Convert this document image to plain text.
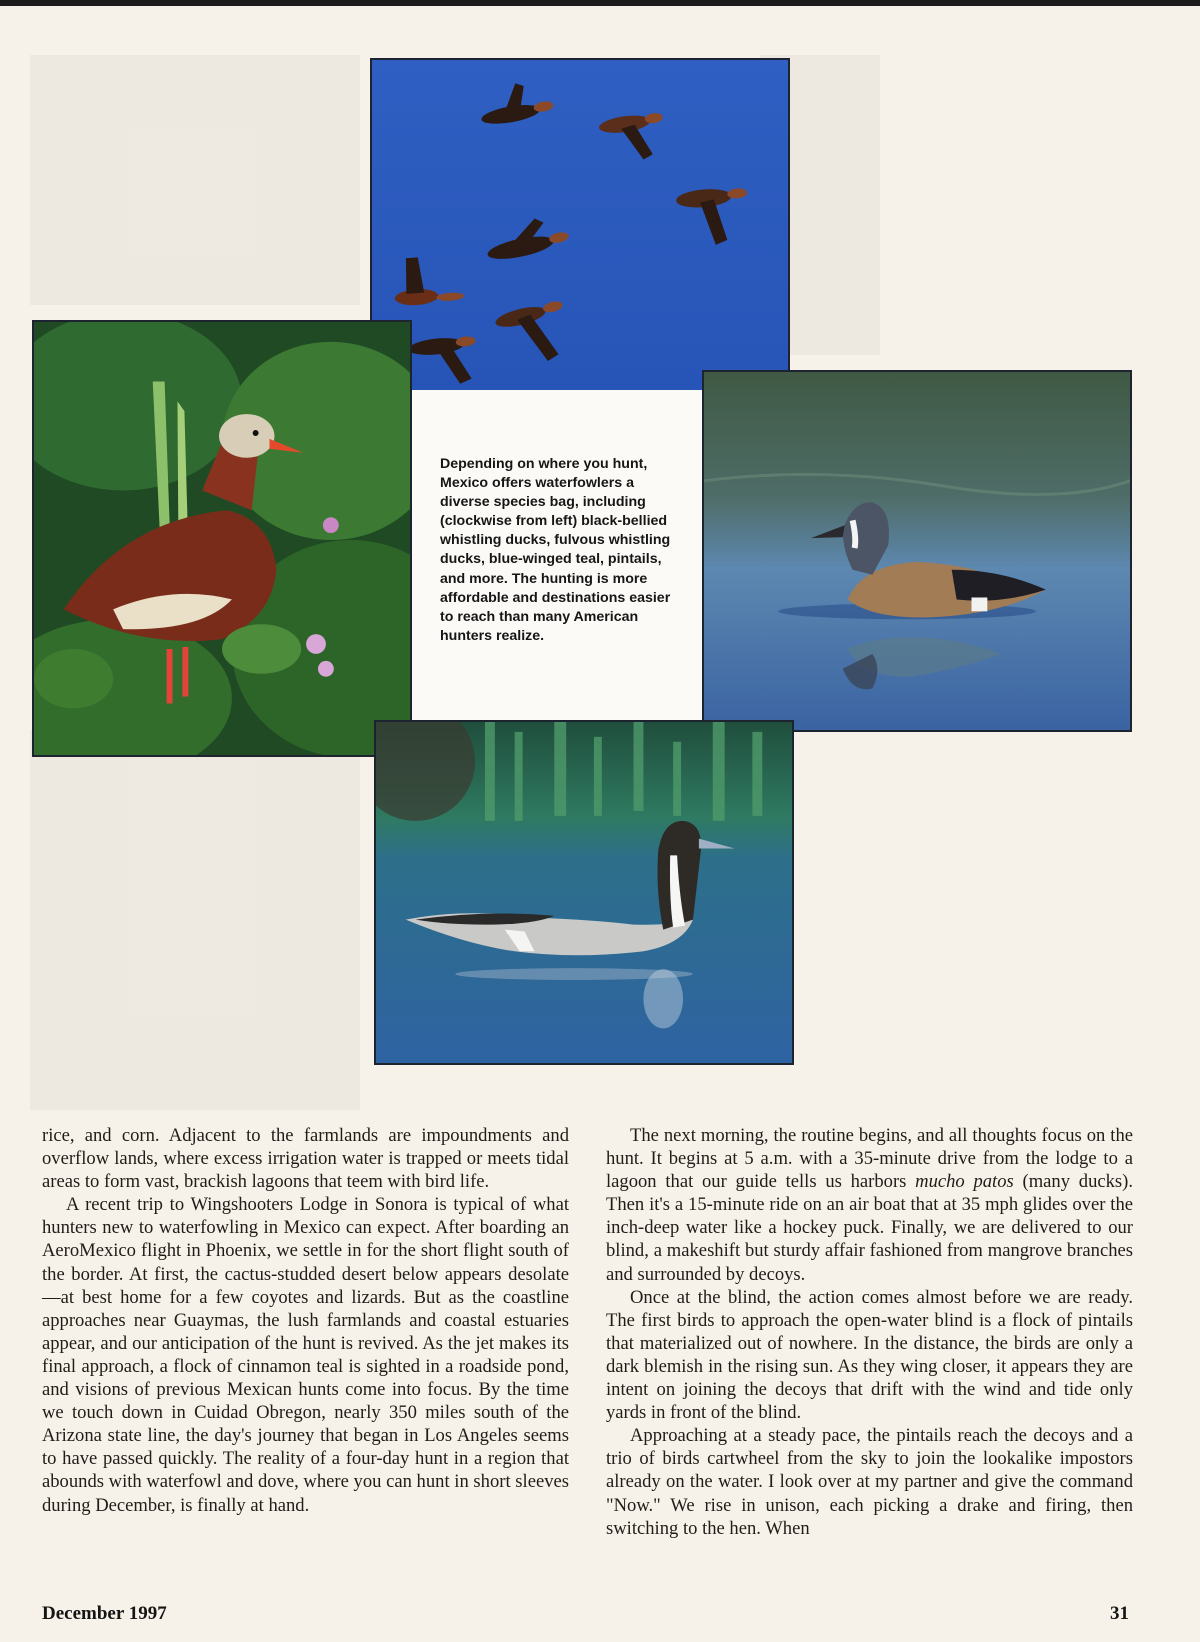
Depending on where you hunt, Mexico offers waterfowlers a diverse species bag, including (clockwise from left) black-bellied whistling ducks, fulvous whistling ducks, blue-winged teal, pintails, and more. The hunting is more affordable and destinations easier to reach than many American hunters realize.

rice, and corn. Adjacent to the farmlands are impoundments and overflow lands, where excess irrigation water is trapped or meets tidal areas to form vast, brackish lagoons that teem with bird life.

A recent trip to Wingshooters Lodge in Sonora is typical of what hunters new to waterfowling in Mexico can expect. After boarding an AeroMexico flight in Phoenix, we settle in for the short flight south of the border. At first, the cactus-studded desert below appears desolate—at best home for a few coyotes and lizards. But as the coastline approaches near Guaymas, the lush farmlands and coastal estuaries appear, and our anticipation of the hunt is revived. As the jet makes its final approach, a flock of cinnamon teal is sighted in a roadside pond, and visions of previous Mexican hunts come into focus. By the time we touch down in Cuidad Obregon, nearly 350 miles south of the Arizona state line, the day's journey that began in Los Angeles seems to have passed quickly. The reality of a four-day hunt in a region that abounds with waterfowl and dove, where you can hunt in short sleeves during December, is finally at hand.

The next morning, the routine begins, and all thoughts focus on the hunt. It begins at 5 a.m. with a 35-minute drive from the lodge to a lagoon that our guide tells us harbors mucho patos (many ducks). Then it's a 15-minute ride on an air boat that at 35 mph glides over the inch-deep water like a hockey puck. Finally, we are delivered to our blind, a makeshift but sturdy affair fashioned from mangrove branches and surrounded by decoys.

Once at the blind, the action comes almost before we are ready. The first birds to approach the open-water blind is a flock of pintails that materialized out of nowhere. In the distance, the birds are only a dark blemish in the rising sun. As they wing closer, it appears they are intent on joining the decoys that drift with the wind and tide only yards in front of the blind.

Approaching at a steady pace, the pintails reach the decoys and a trio of birds cartwheel from the sky to join the lookalike impostors already on the water. I look over at my partner and give the command "Now." We rise in unison, each picking a drake and firing, then switching to the hen. When

December 1997	31
